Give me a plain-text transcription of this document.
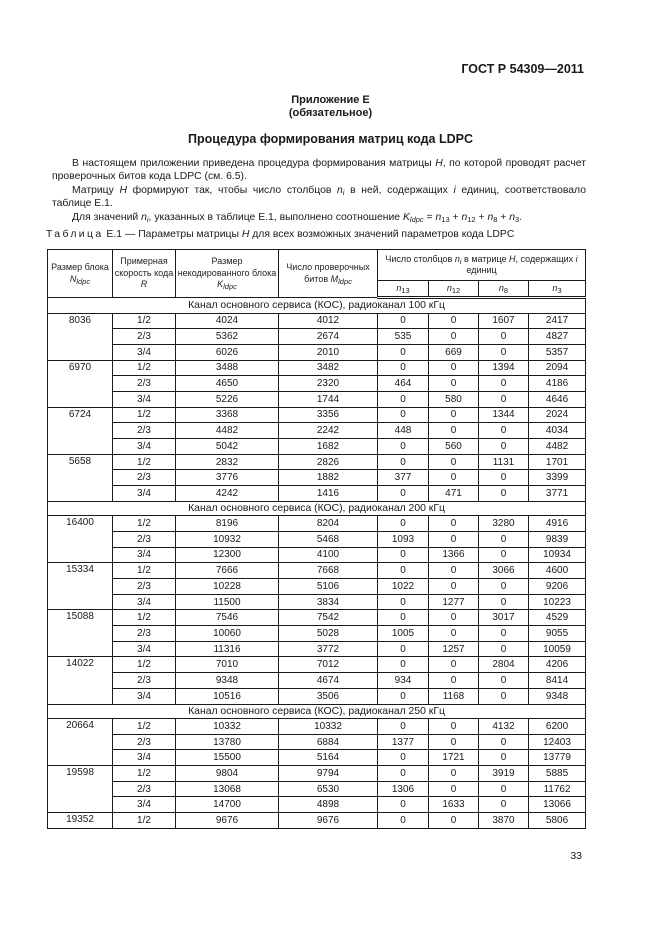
ГОСТ Р 54309—2011
Приложение Е
(обязательное)
Процедура формирования матриц кода LDPC
В настоящем приложении приведена процедура формирования матрицы H, по которой проводят расчет проверочных битов кода LDPC (см. 6.5).
Матрицу H формируют так, чтобы число столбцов $n_i$ в ней, содержащих i единиц, соответствовало таблице Е.1.
Для значений $n_i$, указанных в таблице Е.1, выполнено соотношение $K_{ldpc} = n_{13} + n_{12} + n_8 + n_3$.
Таблица Е.1 — Параметры матрицы H для всех возможных значений параметров кода LDPC
Размер блока $N_{ldpc}$	Примерная скорость кода R	Размер некодированного блока $K_{ldpc}$	Число проверочных битов $M_{ldpc}$	Число столбцов $n_i$ в матрице H, содержащих i единиц			
				$n_{13}$	$n_{12}$	$n_8$	$n_3$
Канал основного сервиса (КОС), радиоканал 100 кГц							
8036	1/2	4024	4012	0	0	1607	2417
	2/3	5362	2674	535	0	0	4827
	3/4	6026	2010	0	669	0	5357
6970	1/2	3488	3482	0	0	1394	2094
	2/3	4650	2320	464	0	0	4186
	3/4	5226	1744	0	580	0	4646
6724	1/2	3368	3356	0	0	1344	2024
	2/3	4482	2242	448	0	0	4034
	3/4	5042	1682	0	560	0	4482
5658	1/2	2832	2826	0	0	1131	1701
	2/3	3776	1882	377	0	0	3399
	3/4	4242	1416	0	471	0	3771
Канал основного сервиса (КОС), радиоканал 200 кГц							
16400	1/2	8196	8204	0	0	3280	4916
	2/3	10932	5468	1093	0	0	9839
	3/4	12300	4100	0	1366	0	10934
15334	1/2	7666	7668	0	0	3066	4600
	2/3	10228	5106	1022	0	0	9206
	3/4	11500	3834	0	1277	0	10223
15088	1/2	7546	7542	0	0	3017	4529
	2/3	10060	5028	1005	0	0	9055
	3/4	11316	3772	0	1257	0	10059
14022	1/2	7010	7012	0	0	2804	4206
	2/3	9348	4674	934	0	0	8414
	3/4	10516	3506	0	1168	0	9348
Канал основного сервиса (КОС), радиоканал 250 кГц							
20664	1/2	10332	10332	0	0	4132	6200
	2/3	13780	6884	1377	0	0	12403
	3/4	15500	5164	0	1721	0	13779
19598	1/2	9804	9794	0	0	3919	5885
	2/3	13068	6530	1306	0	0	11762
	3/4	14700	4898	0	1633	0	13066
19352	1/2	9676	9676	0	0	3870	5806
33
